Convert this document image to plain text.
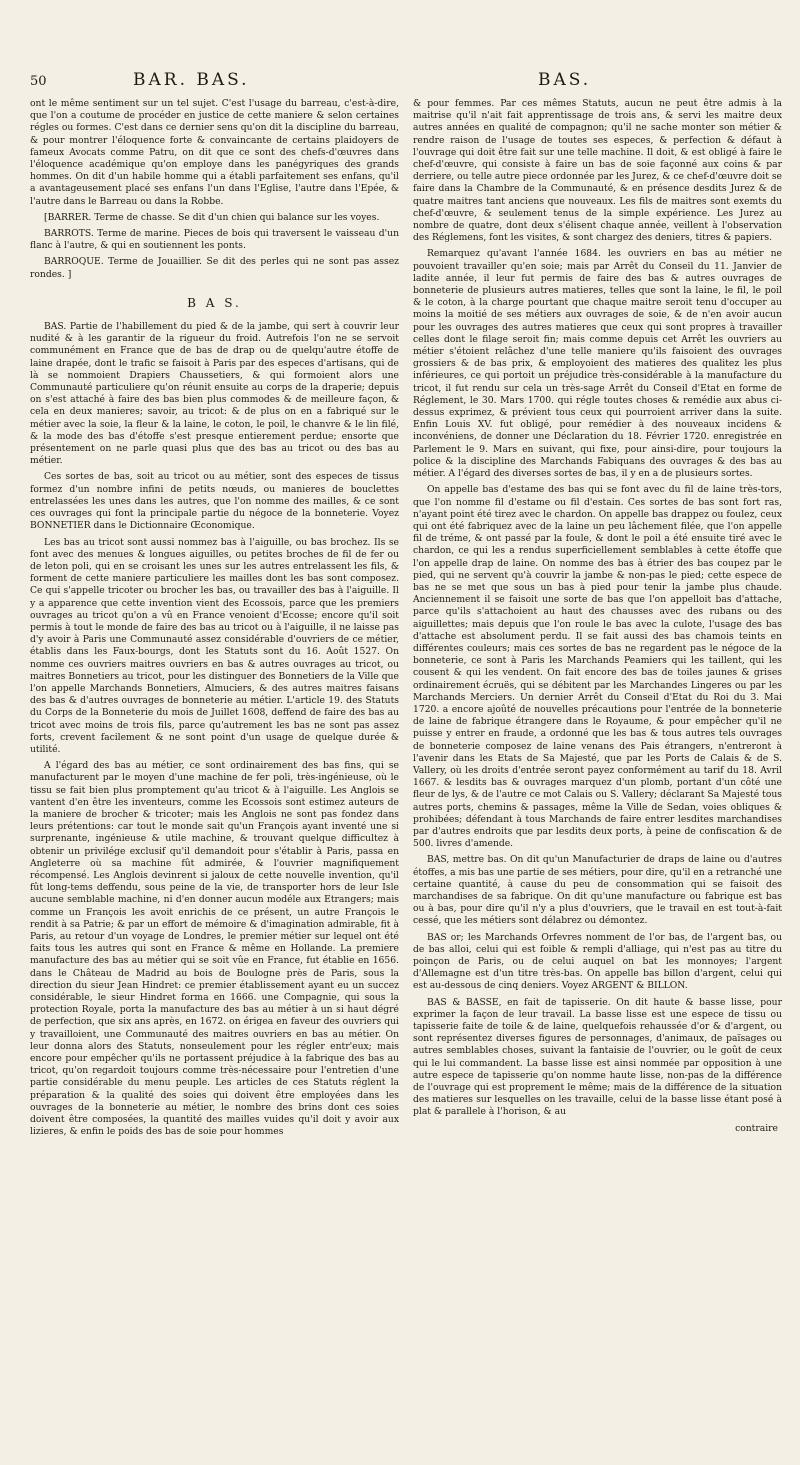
50	BAR. BAS.	BAS.

ont le même sentiment sur un tel sujet. C'est l'usage du barreau, c'est-à-dire, que l'on a coutume de procéder en justice de cette maniere & selon certaines régles ou formes. C'est dans ce dernier sens qu'on dit la discipline du barreau, & pour montrer l'éloquence forte & convaincante de certains plaidoyers de fameux Avocats comme Patru, on dit que ce sont des chefs-d'œuvres dans l'éloquence académique qu'on employe dans les panégyriques des grands hommes. On dit d'un habile homme qui a établi parfaitement ses enfans, qu'il a avantageusement placé ses enfans l'un dans l'Eglise, l'autre dans l'Epée, & l'autre dans le Barreau ou dans la Robbe.

[BARRER. Terme de chasse. Se dit d'un chien qui balance sur les voyes.

BARROTS. Terme de marine. Pieces de bois qui traversent le vaisseau d'un flanc à l'autre, & qui en soutiennent les ponts.

BARROQUE. Terme de Jouaillier. Se dit des perles qui ne sont pas assez rondes. ]

B A S.

BAS. Partie de l'habillement du pied & de la jambe, qui sert à couvrir leur nudité & à les garantir de la rigueur du froid. Autrefois l'on ne se servoit communément en France que de bas de drap ou de quelqu'autre étoffe de laine drapée, dont le trafic se faisoit à Paris par des especes d'artisans, qui de là se nommoient Drapiers Chaussetiers, & qui formoient alors une Communauté particuliere qu'on réunit ensuite au corps de la draperie; depuis on s'est attaché à faire des bas bien plus commodes & de meilleure façon, & cela en deux manieres; savoir, au tricot: & de plus on en a fabriqué sur le métier avec la soie, la fleur & la laine, le coton, le poil, le chanvre & le lin filé, & la mode des bas d'étoffe s'est presque entierement perdue; ensorte que présentement on ne parle quasi plus que des bas au tricot ou des bas au métier.

Ces sortes de bas, soit au tricot ou au métier, sont des especes de tissus formez d'un nombre infini de petits nœuds, ou manieres de bouclettes entrelassées les unes dans les autres, que l'on nomme des mailles, & ce sont ces ouvrages qui font la principale partie du négoce de la bonneterie. Voyez BONNETIER dans le Dictionnaire Œconomique.

Les bas au tricot sont aussi nommez bas à l'aiguille, ou bas brochez. Ils se font avec des menues & longues aiguilles, ou petites broches de fil de fer ou de leton poli, qui en se croisant les unes sur les autres entrelassent les fils, & forment de cette maniere particuliere les mailles dont les bas sont composez. Ce qui s'appelle tricoter ou brocher les bas, ou travailler des bas à l'aiguille. Il y a apparence que cette invention vient des Ecossois, parce que les premiers ouvrages au tricot qu'on a vû en France venoient d'Ecosse; encore qu'il soit permis à tout le monde de faire des bas au tricot ou à l'aiguille, il ne laisse pas d'y avoir à Paris une Communauté assez considérable d'ouvriers de ce métier, établis dans les Faux-bourgs, dont les Statuts sont du 16. Août 1527. On nomme ces ouvriers maitres ouvriers en bas & autres ouvrages au tricot, ou maitres Bonnetiers au tricot, pour les distinguer des Bonnetiers de la Ville que l'on appelle Marchands Bonnetiers, Almuciers, & des autres maitres faisans des bas & d'autres ouvrages de bonneterie au métier. L'article 19. des Statuts du Corps de la Bonneterie du mois de Juillet 1608, deffend de faire des bas au tricot avec moins de trois fils, parce qu'autrement les bas ne sont pas assez forts, crevent facilement & ne sont point d'un usage de quelque durée & utilité.

A l'égard des bas au métier, ce sont ordinairement des bas fins, qui se manufacturent par le moyen d'une machine de fer poli, très-ingénieuse, où le tissu se fait bien plus promptement qu'au tricot & à l'aiguille. Les Anglois se vantent d'en être les inventeurs, comme les Ecossois sont estimez auteurs de la maniere de brocher & tricoter; mais les Anglois ne sont pas fondez dans leurs prétentions: car tout le monde sait qu'un François ayant inventé une si surprenante, ingénieuse & utile machine, & trouvant quelque difficultez à obtenir un privilége exclusif qu'il demandoit pour s'établir à Paris, passa en Angleterre où sa machine fût admirée, & l'ouvrier magnifiquement récompensé. Les Anglois devinrent si jaloux de cette nouvelle invention, qu'il fût long-tems deffendu, sous peine de la vie, de transporter hors de leur Isle aucune semblable machine, ni d'en donner aucun modéle aux Etrangers; mais comme un François les avoit enrichis de ce présent, un autre François le rendit à sa Patrie; & par un effort de mémoire & d'imagination admirable, fit à Paris, au retour d'un voyage de Londres, le premier métier sur lequel ont été faits tous les autres qui sont en France & même en Hollande. La premiere manufacture des bas au métier qui se soit vûe en France, fut établie en 1656. dans le Château de Madrid au bois de Boulogne près de Paris, sous la direction du sieur Jean Hindret: ce premier établissement ayant eu un succez considérable, le sieur Hindret forma en 1666. une Compagnie, qui sous la protection Royale, porta la manufacture des bas au métier à un si haut dégré de perfection, que six ans après, en 1672. on érigea en faveur des ouvriers qui y travailloient, une Communauté des maitres ouvriers en bas au métier. On leur donna alors des Statuts, nonseulement pour les régler entr'eux; mais encore pour empêcher qu'ils ne portassent préjudice à la fabrique des bas au tricot, qu'on regardoit toujours comme très-nécessaire pour l'entretien d'une partie considérable du menu peuple. Les articles de ces Statuts réglent la préparation & la qualité des soies qui doivent être employées dans les ouvrages de la bonneterie au métier, le nombre des brins dont ces soies doivent être composées, la quantité des mailles vuides qu'il doit y avoir aux lizieres, & enfin le poids des bas de soie pour hommes

& pour femmes. Par ces mêmes Statuts, aucun ne peut être admis à la maitrise qu'il n'ait fait apprentissage de trois ans, & servi les maitre deux autres années en qualité de compagnon; qu'il ne sache monter son métier & rendre raison de l'usage de toutes ses especes, & perfection & défaut à l'ouvrage qui doit être fait sur une telle machine. Il doit, & est obligé à faire le chef-d'œuvre, qui consiste à faire un bas de soie façonné aux coins & par derriere, ou telle autre piece ordonnée par les Jurez, & ce chef-d'œuvre doit se faire dans la Chambre de la Communauté, & en présence desdits Jurez & de quatre maitres tant anciens que nouveaux. Les fils de maitres sont exemts du chef-d'œuvre, & seulement tenus de la simple expérience. Les Jurez au nombre de quatre, dont deux s'élisent chaque année, veillent à l'observation des Réglemens, font les visites, & sont chargez des deniers, titres & papiers.

Remarquez qu'avant l'année 1684. les ouvriers en bas au métier ne pouvoient travailler qu'en soie; mais par Arrêt du Conseil du 11. Janvier de ladite année, il leur fut permis de faire des bas & autres ouvrages de bonneterie de plusieurs autres matieres, telles que sont la laine, le fil, le poil & le coton, à la charge pourtant que chaque maitre seroit tenu d'occuper au moins la moitié de ses métiers aux ouvrages de soie, & de n'en avoir aucun pour les ouvrages des autres matieres que ceux qui sont propres à travailler celles dont le filage seroit fin; mais comme depuis cet Arrêt les ouvriers au métier s'étoient relâchez d'une telle maniere qu'ils faisoient des ouvrages grossiers & de bas prix, & employoient des matieres des qualitez les plus inférieures, ce qui portoit un préjudice très-considérable à la manufacture du tricot, il fut rendu sur cela un très-sage Arrêt du Conseil d'Etat en forme de Réglement, le 30. Mars 1700. qui régle toutes choses & remédie aux abus ci-dessus exprimez, & prévient tous ceux qui pourroient arriver dans la suite. Enfin Louis XV. fut obligé, pour remédier à des nouveaux incidens & inconvéniens, de donner une Déclaration du 18. Février 1720. enregistrée en Parlement le 9. Mars en suivant, qui fixe, pour ainsi-dire, pour toujours la police & la discipline des Marchands Fabiquans des ouvrages & des bas au métier. A l'égard des diverses sortes de bas, il y en a de plusieurs sortes.

On appelle bas d'estame des bas qui se font avec du fil de laine très-tors, que l'on nomme fil d'estame ou fil d'estain. Ces sortes de bas sont fort ras, n'ayant point été tirez avec le chardon. On appelle bas drappez ou foulez, ceux qui ont été fabriquez avec de la laine un peu lâchement filée, que l'on appelle fil de tréme, & ont passé par la foule, & dont le poil a été ensuite tiré avec le chardon, ce qui les a rendus superficiellement semblables à cette étoffe que l'on appelle drap de laine. On nomme des bas à étrier des bas coupez par le pied, qui ne servent qu'à couvrir la jambe & non-pas le pied; cette espece de bas ne se met que sous un bas à pied pour tenir la jambe plus chaude. Anciennement il se faisoit une sorte de bas que l'on appelloit bas d'attache, parce qu'ils s'attachoient au haut des chausses avec des rubans ou des aiguillettes; mais depuis que l'on roule le bas avec la culote, l'usage des bas d'attache est absolument perdu. Il se fait aussi des bas chamois teints en différentes couleurs; mais ces sortes de bas ne regardent pas le négoce de la bonneterie, ce sont à Paris les Marchands Peamiers qui les taillent, qui les cousent & qui les vendent. On fait encore des bas de toiles jaunes & grises ordinairement écruës, qui se débitent par les Marchandes Lingeres ou par les Marchands Merciers. Un dernier Arrêt du Conseil d'Etat du Roi du 3. Mai 1720. a encore ajoûté de nouvelles précautions pour l'entrée de la bonneterie de laine de fabrique étrangere dans le Royaume, & pour empêcher qu'il ne puisse y entrer en fraude, a ordonné que les bas & tous autres tels ouvrages de bonneterie composez de laine venans des Pais étrangers, n'entreront à l'avenir dans les Etats de Sa Majesté, que par les Ports de Calais & de S. Vallery, où les droits d'entrée seront payez conformément au tarif du 18. Avril 1667. & lesdits bas & ouvrages marquez d'un plomb, portant d'un côté une fleur de lys, & de l'autre ce mot Calais ou S. Vallery; déclarant Sa Majesté tous autres ports, chemins & passages, même la Ville de Sedan, voies obliques & prohibées; défendant à tous Marchands de faire entrer lesdites marchandises par d'autres endroits que par lesdits deux ports, à peine de confiscation & de 500. livres d'amende.

BAS, mettre bas. On dit qu'un Manufacturier de draps de laine ou d'autres étoffes, a mis bas une partie de ses métiers, pour dire, qu'il en a retranché une certaine quantité, à cause du peu de consommation qui se faisoit des marchandises de sa fabrique. On dit qu'une manufacture ou fabrique est bas ou à bas, pour dire qu'il n'y a plus d'ouvriers, que le travail en est tout-à-fait cessé, que les métiers sont délabrez ou démontez.

BAS or; les Marchands Orfevres nomment de l'or bas, de l'argent bas, ou de bas alloi, celui qui est foible & rempli d'alliage, qui n'est pas au titre du poinçon de Paris, ou de celui auquel on bat les monnoyes; l'argent d'Allemagne est d'un titre très-bas. On appelle bas billon d'argent, celui qui est au-dessous de cinq deniers. Voyez ARGENT & BILLON.

BAS & BASSE, en fait de tapisserie. On dit haute & basse lisse, pour exprimer la façon de leur travail. La basse lisse est une espece de tissu ou tapisserie faite de toile & de laine, quelquefois rehaussée d'or & d'argent, ou sont représentez diverses figures de personnages, d'animaux, de païsages ou autres semblables choses, suivant la fantaisie de l'ouvrier, ou le goût de ceux qui le lui commandent. La basse lisse est ainsi nommée par opposition à une autre espece de tapisserie qu'on nomme haute lisse, non-pas de la différence de l'ouvrage qui est proprement le même; mais de la différence de la situation des matieres sur lesquelles on les travaille, celui de la basse lisse étant posé à plat & parallele à l'horison, & au

contraire
